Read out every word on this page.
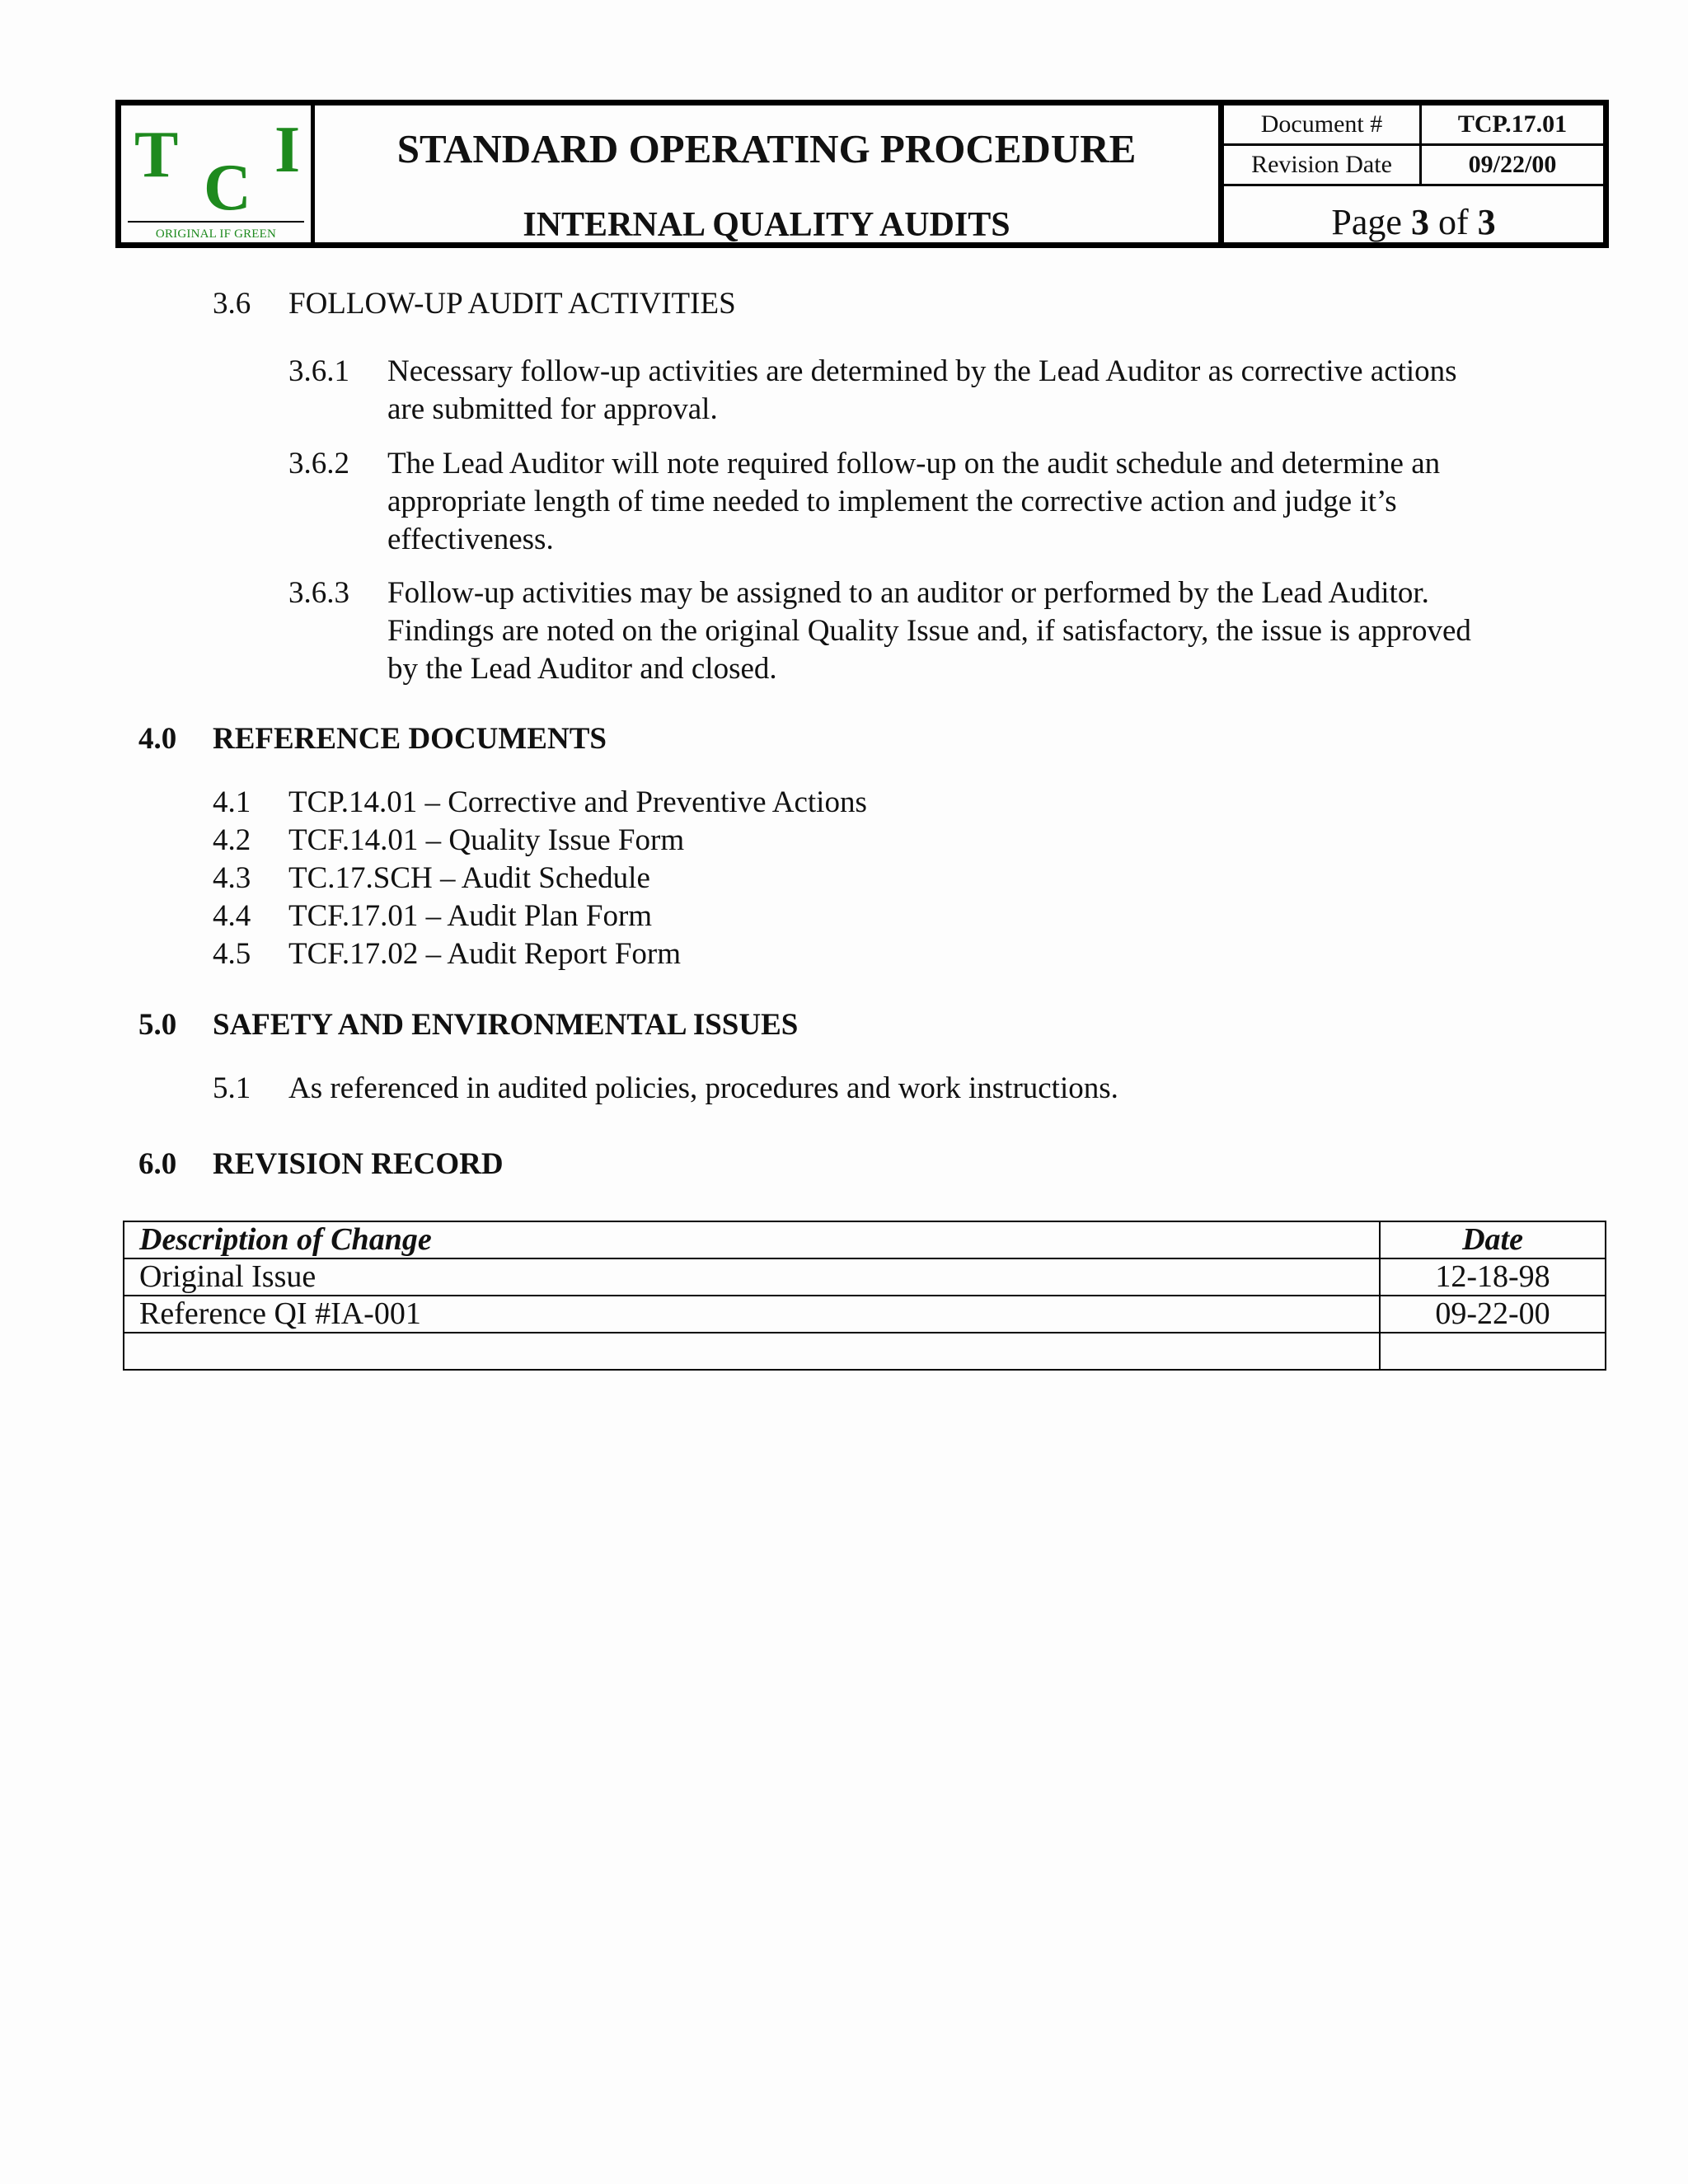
T C
I
ORIGINAL IF GREEN
STANDARD OPERATING PROCEDURE
INTERNAL QUALITY AUDITS
Document #	TCP.17.01
Revision Date	09/22/00
Page 3 of 3
3.6 FOLLOW-UP AUDIT ACTIVITIES
3.6.1 Necessary follow-up activities are determined by the Lead Auditor as corrective actions
are submitted for approval.
3.6.2 The Lead Auditor will note required follow-up on the audit schedule and determine an
appropriate length of time needed to implement the corrective action and judge it’s
effectiveness.
3.6.3 Follow-up activities may be assigned to an auditor or performed by the Lead Auditor.
Findings are noted on the original Quality Issue and, if satisfactory, the issue is approved
by the Lead Auditor and closed.
4.0 REFERENCE DOCUMENTS
4.1 TCP.14.01 – Corrective and Preventive Actions
4.2 TCF.14.01 – Quality Issue Form
4.3 TC.17.SCH – Audit Schedule
4.4 TCF.17.01 – Audit Plan Form
4.5 TCF.17.02 – Audit Report Form
5.0 SAFETY AND ENVIRONMENTAL ISSUES
5.1 As referenced in audited policies, procedures and work instructions.
6.0 REVISION RECORD
Description of Change	Date
Original Issue	12-18-98
Reference QI #IA-001	09-22-00
